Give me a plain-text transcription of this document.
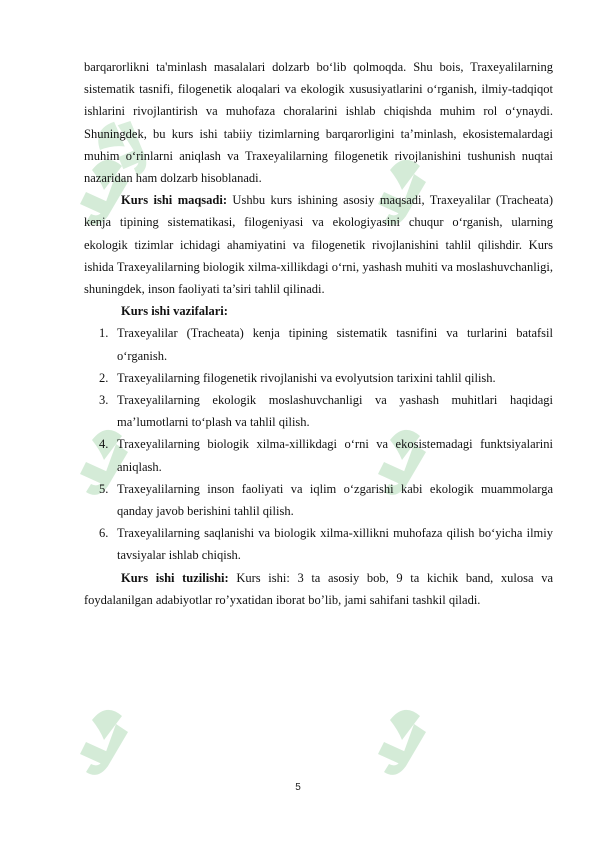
barqarorlikni ta'minlash masalalari dolzarb bo‘lib qolmoqda. Shu bois, Traxeyalilarning sistematik tasnifi, filogenetik aloqalari va ekologik xususiyatlarini o‘rganish, ilmiy-tadqiqot ishlarini rivojlantirish va muhofaza choralarini ishlab chiqishda muhim rol o‘ynaydi. Shuningdek, bu kurs ishi tabiiy tizimlarning barqarorligini ta’minlash, ekosistemalardagi muhim o‘rinlarni aniqlash va Traxeyalilarning filogenetik rivojlanishini tushunish nuqtai nazaridan ham dolzarb hisoblanadi.

Kurs ishi maqsadi: Ushbu kurs ishining asosiy maqsadi, Traxeyalilar (Tracheata) kenja tipining sistematikasi, filogeniyasi va ekologiyasini chuqur o‘rganish, ularning ekologik tizimlar ichidagi ahamiyatini va filogenetik rivojlanishini tahlil qilishdir. Kurs ishida Traxeyalilarning biologik xilma-xillikdagi o‘rni, yashash muhiti va moslashuvchanligi, shuningdek, inson faoliyati ta’siri tahlil qilinadi.

Kurs ishi vazifalari:

1. Traxeyalilar (Tracheata) kenja tipining sistematik tasnifini va turlarini batafsil o‘rganish.
2. Traxeyalilarning filogenetik rivojlanishi va evolyutsion tarixini tahlil qilish.
3. Traxeyalilarning ekologik moslashuvchanligi va yashash muhitlari haqidagi ma’lumotlarni to‘plash va tahlil qilish.
4. Traxeyalilarning biologik xilma-xillikdagi o‘rni va ekosistemadagi funktsiyalarini aniqlash.
5. Traxeyalilarning inson faoliyati va iqlim o‘zgarishi kabi ekologik muammolarga qanday javob berishini tahlil qilish.
6. Traxeyalilarning saqlanishi va biologik xilma-xillikni muhofaza qilish bo‘yicha ilmiy tavsiyalar ishlab chiqish.

Kurs ishi tuzilishi: Kurs ishi: 3 ta asosiy bob, 9 ta kichik band, xulosa va foydalanilgan adabiyotlar ro’yxatidan iborat bo’lib, jami sahifani tashkil qiladi.

5
